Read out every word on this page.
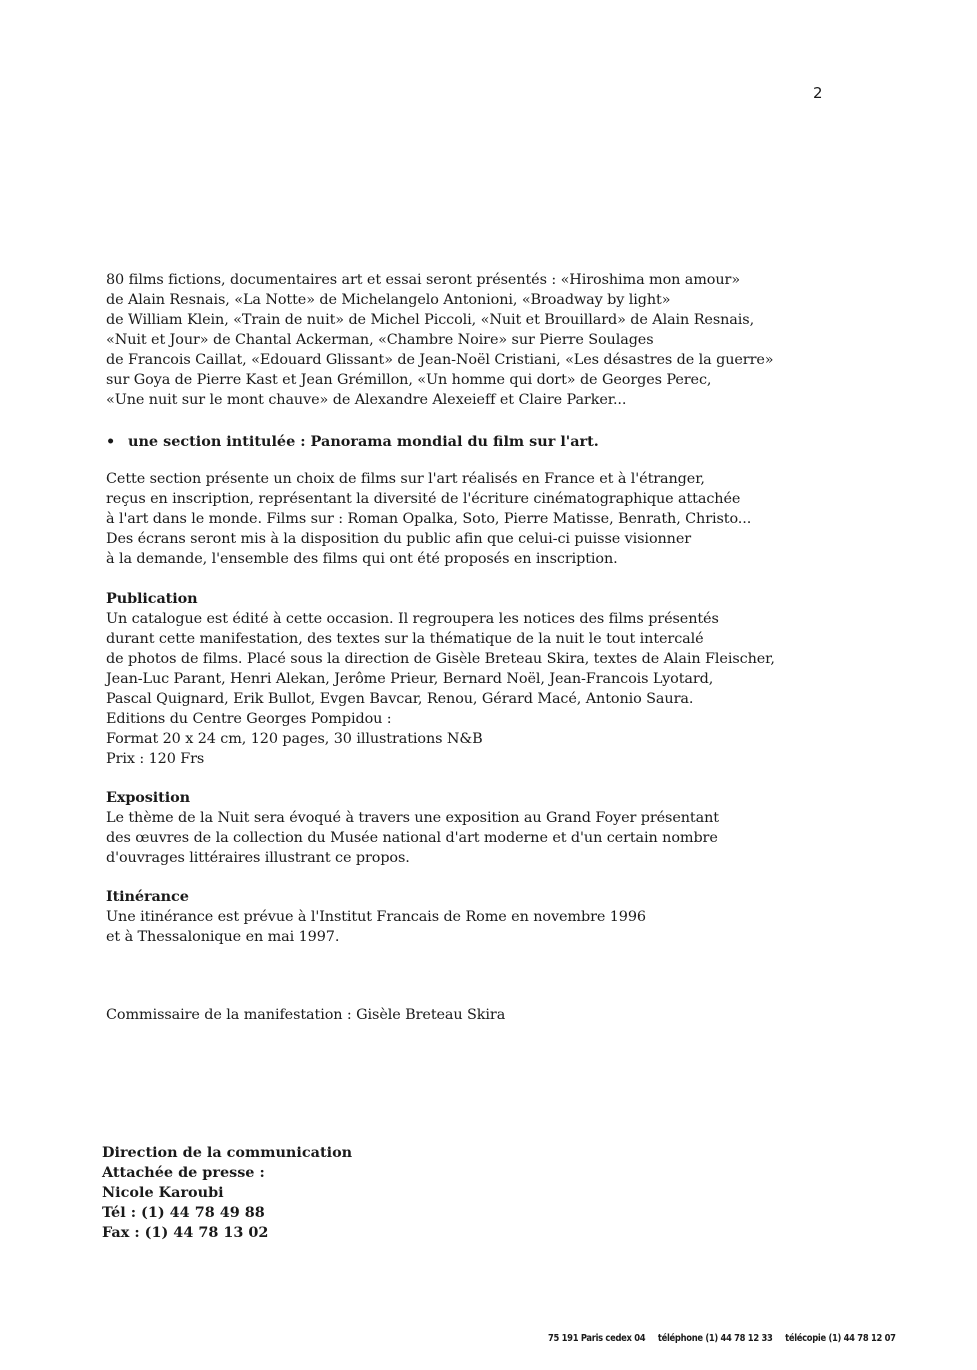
2
80 films fictions, documentaires art et essai seront présentés : «Hiroshima mon amour»
de Alain Resnais, «La Notte» de Michelangelo Antonioni, «Broadway by light»
de William Klein, «Train de nuit» de Michel Piccoli, «Nuit et Brouillard» de Alain Resnais,
«Nuit et Jour» de Chantal Ackerman, «Chambre Noire» sur Pierre Soulages
de Francois Caillat, «Edouard Glissant» de Jean-Noël Cristiani, «Les désastres de la guerre»
sur Goya de Pierre Kast et Jean Grémillon, «Un homme qui dort» de Georges Perec,
«Une nuit sur le mont chauve» de Alexandre Alexeieff et Claire Parker...
• une section intitulée : Panorama mondial du film sur l'art.
Cette section présente un choix de films sur l'art réalisés en France et à l'étranger,
reçus en inscription, représentant la diversité de l'écriture cinématographique attachée
à l'art dans le monde. Films sur : Roman Opalka, Soto, Pierre Matisse, Benrath, Christo...
Des écrans seront mis à la disposition du public afin que celui-ci puisse visionner
à la demande, l'ensemble des films qui ont été proposés en inscription.
Publication
Un catalogue est édité à cette occasion. Il regroupera les notices des films présentés
durant cette manifestation, des textes sur la thématique de la nuit le tout intercalé
de photos de films. Placé sous la direction de Gisèle Breteau Skira, textes de Alain Fleischer,
Jean-Luc Parant, Henri Alekan, Jerôme Prieur, Bernard Noël, Jean-Francois Lyotard,
Pascal Quignard, Erik Bullot, Evgen Bavcar, Renou, Gérard Macé, Antonio Saura.
Editions du Centre Georges Pompidou :
Format 20 x 24 cm, 120 pages, 30 illustrations N&B
Prix : 120 Frs
Exposition
Le thème de la Nuit sera évoqué à travers une exposition au Grand Foyer présentant
des œuvres de la collection du Musée national d'art moderne et d'un certain nombre
d'ouvrages littéraires illustrant ce propos.
Itinérance
Une itinérance est prévue à l'Institut Francais de Rome en novembre 1996
et à Thessalonique en mai 1997.
Commissaire de la manifestation : Gisèle Breteau Skira
Direction de la communication
Attachée de presse :
Nicole Karoubi
Tél : (1) 44 78 49 88
Fax : (1) 44 78 13 02
75 191 Paris cedex 04 téléphone (1) 44 78 12 33 télécopie (1) 44 78 12 07
